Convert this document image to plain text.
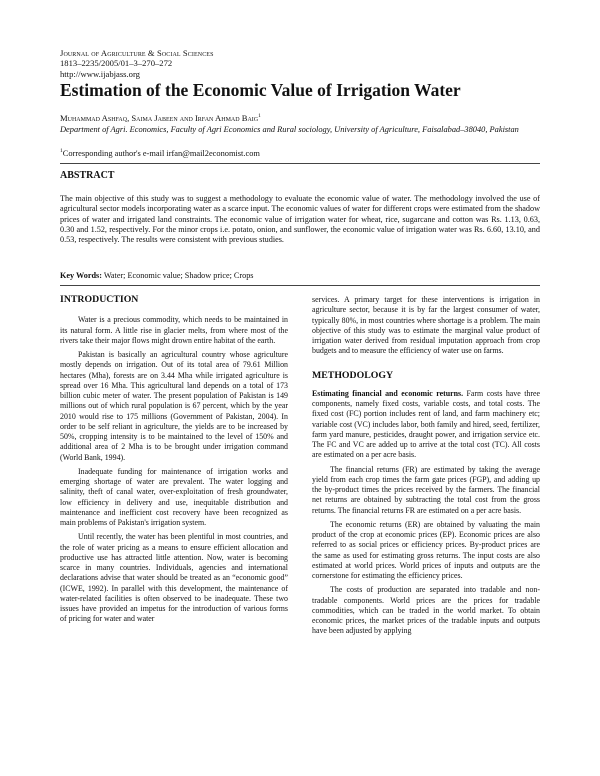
Journal of Agriculture & Social Sciences
1813–2235/2005/01–3–270–272
http://www.ijabjass.org
Estimation of the Economic Value of Irrigation Water
Muhammad Ashfaq, Saima Jabeen and Irfan Ahmad Baig$^1$
Department of Agri. Economics, Faculty of Agri Economics and Rural sociology, University of Agriculture, Faisalabad–38040, Pakistan
$^1$Corresponding author's e-mail irfan@mail2economist.com
ABSTRACT

The main objective of this study was to suggest a methodology to evaluate the economic value of water. The methodology involved the use of agricultural sector models incorporating water as a scarce input. The economic values of water for different crops were estimated from the shadow prices of water and irrigated land constraints. The economic value of irrigation water for wheat, rice, sugarcane and cotton was Rs. 1.13, 0.63, 0.30 and 1.52, respectively. For the minor crops i.e. potato, onion, and sunflower, the economic value of irrigation water was Rs. 6.60, 13.10, and 0.53, respectively. The results were consistent with previous studies.

Key Words: Water; Economic value; Shadow price; Crops
INTRODUCTION

Water is a precious commodity, which needs to be maintained in its natural form. A little rise in glacier melts, from where most of the rivers take their major flows might drown entire habitat of the earth.

Pakistan is basically an agricultural country whose agriculture mostly depends on irrigation. Out of its total area of 79.61 Million hectares (Mha), forests are on 3.44 Mha while irrigated agriculture is spread over 16 Mha. This agricultural land depends on a total of 173 billion cubic meter of water. The present population of Pakistan is 149 millions out of which rural population is 67 percent, which by the year 2010 would rise to 175 millions (Government of Pakistan, 2004). In order to be self reliant in agriculture, the yields are to be increased by 50%, cropping intensity is to be maintained to the level of 150% and additional area of 2 Mha is to be brought under irrigation command (World Bank, 1994).

Inadequate funding for maintenance of irrigation works and emerging shortage of water are prevalent. The water logging and salinity, theft of canal water, over-exploitation of fresh groundwater, low efficiency in delivery and use, inequitable distribution and maintenance and inefficient cost recovery have been recognized as main problems of Pakistan's irrigation system.

Until recently, the water has been plentiful in most countries, and the role of water pricing as a means to ensure efficient allocation and productive use has attracted little attention. Now, water is becoming scarce in many countries. Individuals, agencies and international declarations advise that water should be treated as an “economic good” (ICWE, 1992). In parallel with this development, the maintenance of water-related facilities is often observed to be inadequate. These two issues have provided an impetus for the introduction of various forms of pricing for water and water

services. A primary target for these interventions is irrigation in agriculture sector, because it is by far the largest consumer of water, typically 80%, in most countries where shortage is a problem. The main objective of this study was to estimate the marginal value product of irrigation water derived from residual imputation approach from crop budgets and to measure the efficiency of water use on farms.

METHODOLOGY

Estimating financial and economic returns. Farm costs have three components, namely fixed costs, variable costs, and total costs. The fixed cost (FC) portion includes rent of land, and farm machinery etc; variable cost (VC) includes labor, both family and hired, seed, fertilizer, farm yard manure, pesticides, draught power, and irrigation service etc. The FC and VC are added up to arrive at the total cost (TC). All costs are estimated on a per acre basis.

The financial returns (FR) are estimated by taking the average yield from each crop times the farm gate prices (FGP), and adding up the by-product times the prices received by the farmers. The financial net returns are obtained by subtracting the total cost from the gross returns. The financial returns FR are estimated on a per acre basis.

The economic returns (ER) are obtained by valuating the main product of the crop at economic prices (EP). Economic prices are also referred to as social prices or efficiency prices. By-product prices are the same as used for estimating gross returns. The input costs are also estimated at world prices. World prices of inputs and outputs are the cornerstone for estimating the efficiency prices.

The costs of production are separated into tradable and non-tradable components. World prices are the prices for tradable commodities, which can be traded in the world market. To obtain economic prices, the market prices of the tradable inputs and outputs have been adjusted by applying
